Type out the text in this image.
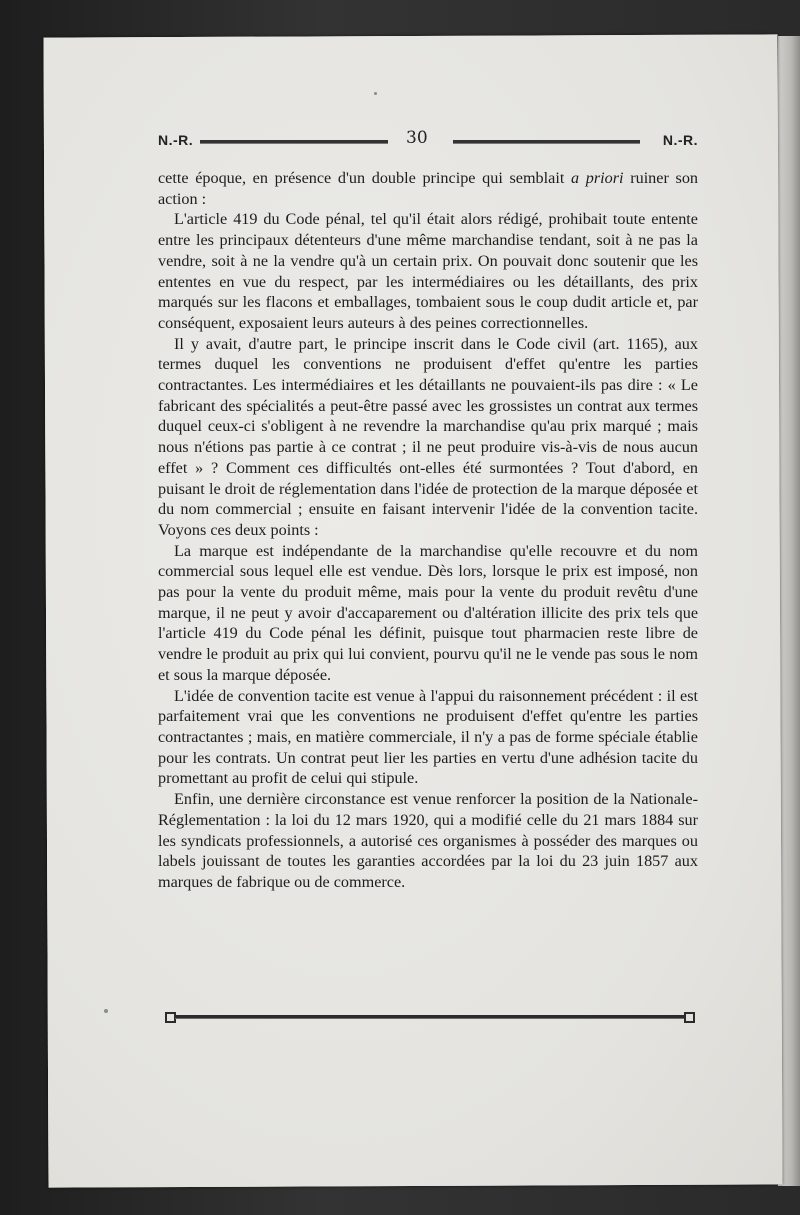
N.-R.	30	N.-R.

cette époque, en présence d'un double principe qui semblait a priori ruiner son action :

L'article 419 du Code pénal, tel qu'il était alors rédigé, prohibait toute entente entre les principaux détenteurs d'une même marchandise tendant, soit à ne pas la vendre, soit à ne la vendre qu'à un certain prix. On pouvait donc soutenir que les ententes en vue du respect, par les intermédiaires ou les détaillants, des prix marqués sur les flacons et emballages, tombaient sous le coup dudit article et, par conséquent, exposaient leurs auteurs à des peines correctionnelles.

Il y avait, d'autre part, le principe inscrit dans le Code civil (art. 1165), aux termes duquel les conventions ne produisent d'effet qu'entre les parties contractantes. Les intermédiaires et les détaillants ne pouvaient-ils pas dire : « Le fabricant des spécialités a peut-être passé avec les grossistes un contrat aux termes duquel ceux-ci s'obligent à ne revendre la marchandise qu'au prix marqué ; mais nous n'étions pas partie à ce contrat ; il ne peut produire vis-à-vis de nous aucun effet » ? Comment ces difficultés ont-elles été surmontées ? Tout d'abord, en puisant le droit de réglementation dans l'idée de protection de la marque déposée et du nom commercial ; ensuite en faisant intervenir l'idée de la convention tacite. Voyons ces deux points :

La marque est indépendante de la marchandise qu'elle recouvre et du nom commercial sous lequel elle est vendue. Dès lors, lorsque le prix est imposé, non pas pour la vente du produit même, mais pour la vente du produit revêtu d'une marque, il ne peut y avoir d'accaparement ou d'altération illicite des prix tels que l'article 419 du Code pénal les définit, puisque tout pharmacien reste libre de vendre le produit au prix qui lui convient, pourvu qu'il ne le vende pas sous le nom et sous la marque déposée.

L'idée de convention tacite est venue à l'appui du raisonnement précédent : il est parfaitement vrai que les conventions ne produisent d'effet qu'entre les parties contractantes ; mais, en matière commerciale, il n'y a pas de forme spéciale établie pour les contrats. Un contrat peut lier les parties en vertu d'une adhésion tacite du promettant au profit de celui qui stipule.

Enfin, une dernière circonstance est venue renforcer la position de la Nationale-Réglementation : la loi du 12 mars 1920, qui a modifié celle du 21 mars 1884 sur les syndicats professionnels, a autorisé ces organismes à posséder des marques ou labels jouissant de toutes les garanties accordées par la loi du 23 juin 1857 aux marques de fabrique ou de commerce.
